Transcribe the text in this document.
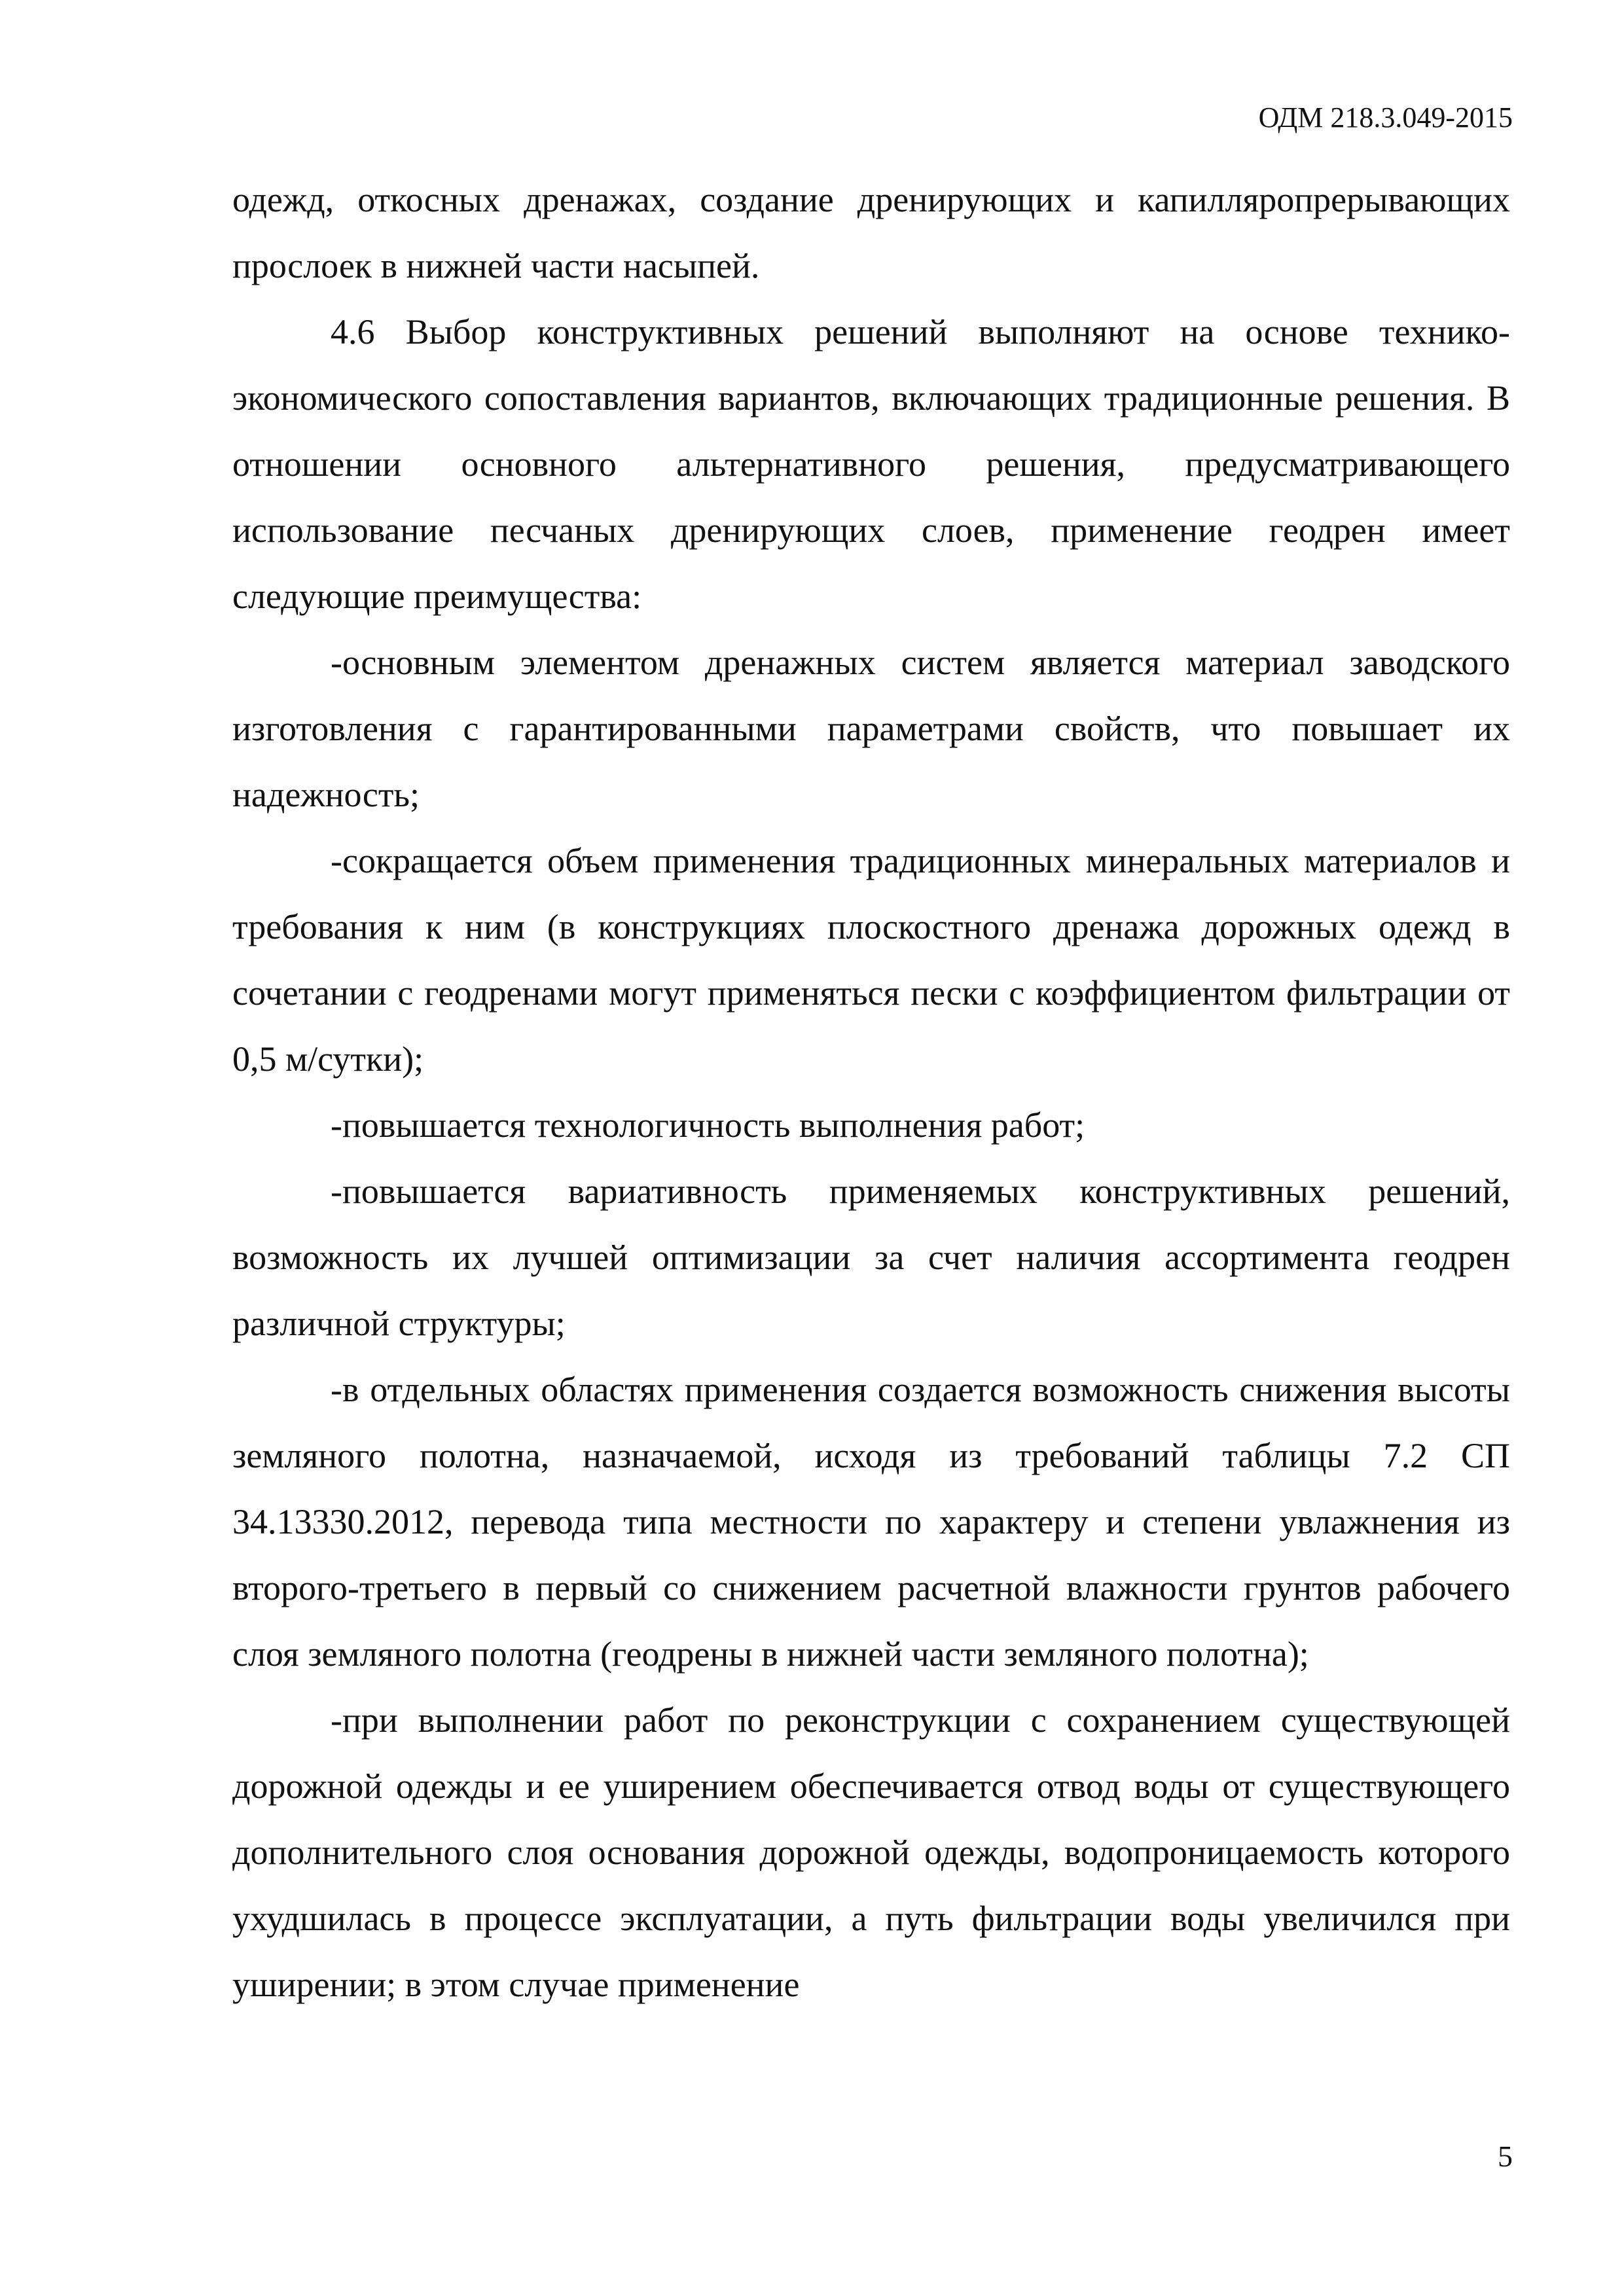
ОДМ 218.3.049-2015

одежд, откосных дренажах, создание дренирующих и капилляропрерывающих прослоек в нижней части насыпей.

4.6 Выбор конструктивных решений выполняют на основе технико-экономического сопоставления вариантов, включающих традиционные решения. В отношении основного альтернативного решения, предусматривающего использование песчаных дренирующих слоев, применение геодрен имеет следующие преимущества:

-основным элементом дренажных систем является материал заводского изготовления с гарантированными параметрами свойств, что повышает их надежность;

-сокращается объем применения традиционных минеральных материалов и требования к ним (в конструкциях плоскостного дренажа дорожных одежд в сочетании с геодренами могут применяться пески с коэффициентом фильтрации от 0,5 м/сутки);

-повышается технологичность выполнения работ;

-повышается вариативность применяемых конструктивных решений, возможность их лучшей оптимизации за счет наличия ассортимента геодрен различной структуры;

-в отдельных областях применения создается возможность снижения высоты земляного полотна, назначаемой, исходя из требований таблицы 7.2 СП 34.13330.2012, перевода типа местности по характеру и степени увлажнения из второго-третьего в первый со снижением расчетной влажности грунтов рабочего слоя земляного полотна (геодрены в нижней части земляного полотна);

-при выполнении работ по реконструкции с сохранением существующей дорожной одежды и ее уширением обеспечивается отвод воды от существующего дополнительного слоя основания дорожной одежды, водопроницаемость которого ухудшилась в процессе эксплуатации, а путь фильтрации воды увеличился при уширении; в этом случае применение

5
